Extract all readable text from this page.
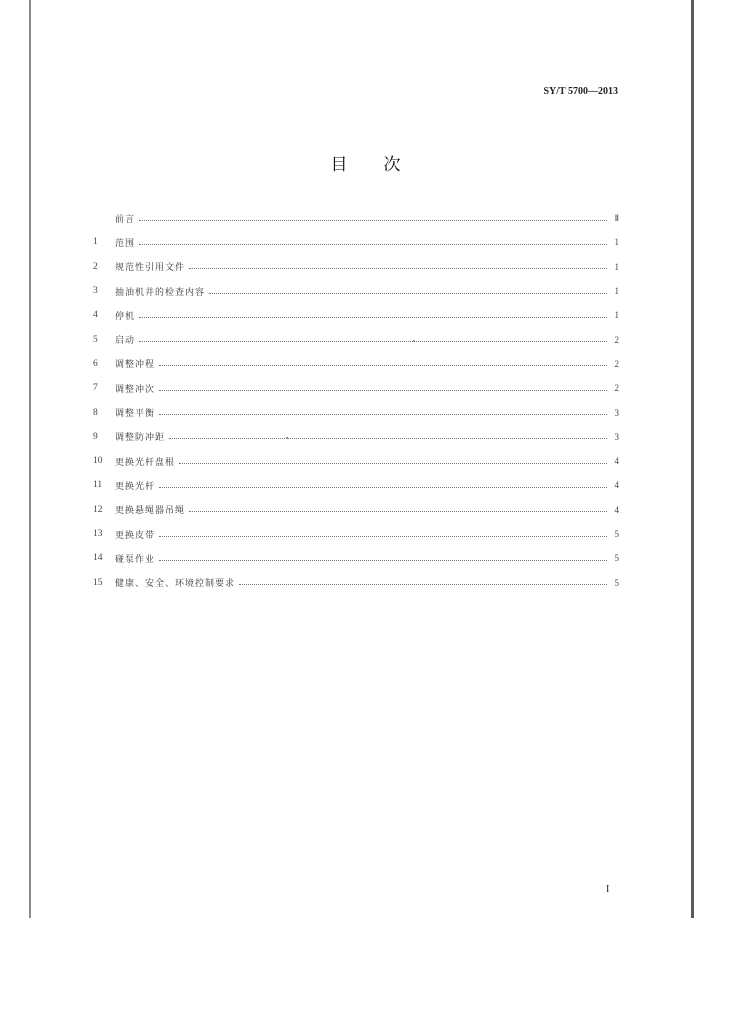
SY/T 5700—2013
目次
前言	Ⅱ
1	范围	1
2	规范性引用文件	1
3	抽油机井的检查内容	1
4	停机	1
5	启动	2
6	调整冲程	2
7	调整冲次	2
8	调整平衡	3
9	调整防冲距	3
10	更换光杆盘根	4
11	更换光杆	4
12	更换悬绳器吊绳	4
13	更换皮带	5
14	碰泵作业	5
15	健康、安全、环境控制要求	5
I
